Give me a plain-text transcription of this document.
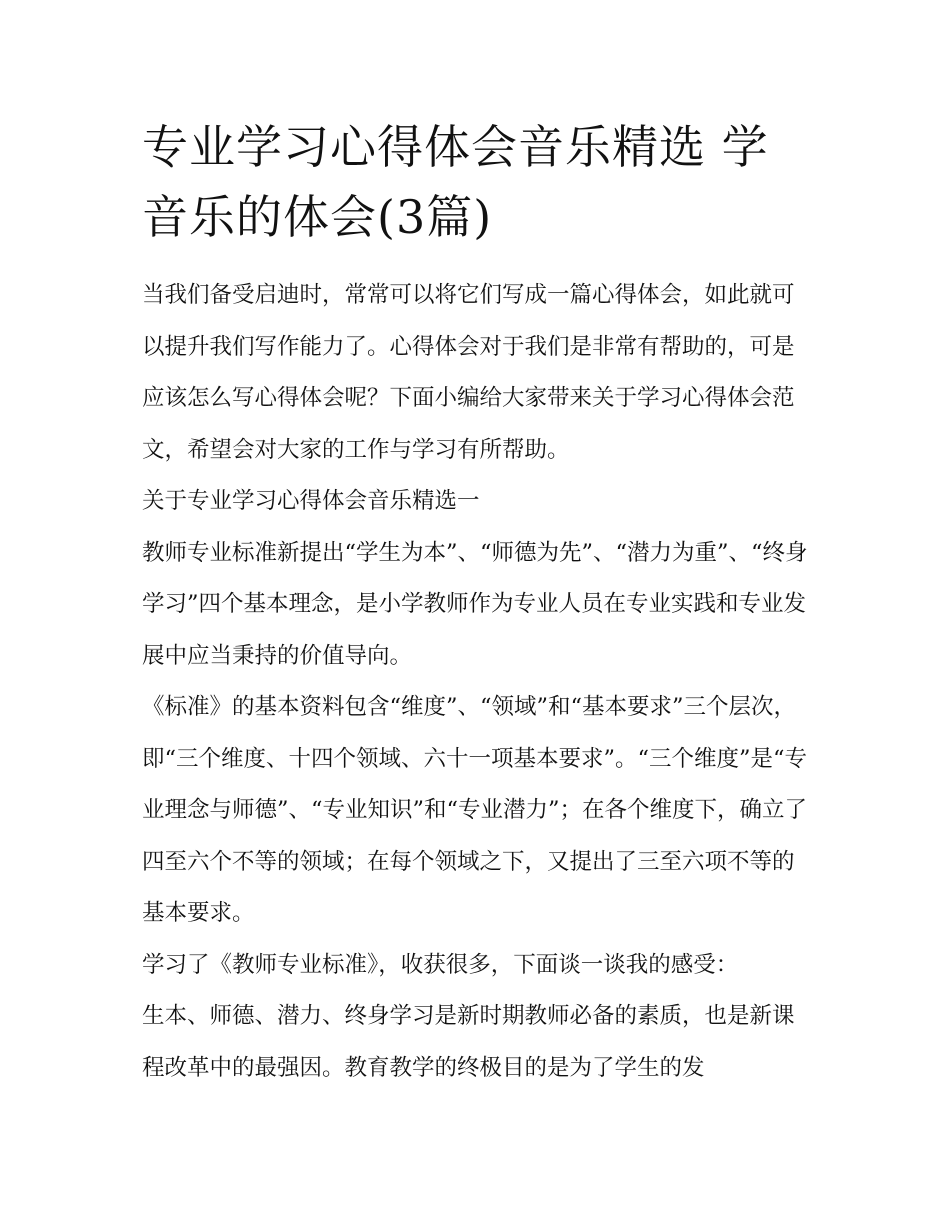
专业学习心得体会音乐精选 学音乐的体会(3篇)

当我们备受启迪时，常常可以将它们写成一篇心得体会，如此就可以提升我们写作能力了。心得体会对于我们是非常有帮助的，可是应该怎么写心得体会呢？下面小编给大家带来关于学习心得体会范文，希望会对大家的工作与学习有所帮助。

关于专业学习心得体会音乐精选一

教师专业标准新提出“学生为本”、“师德为先”、“潜力为重”、“终身学习”四个基本理念，是小学教师作为专业人员在专业实践和专业发展中应当秉持的价值导向。

《标准》的基本资料包含“维度”、“领域”和“基本要求”三个层次，即“三个维度、十四个领域、六十一项基本要求”。“三个维度”是“专业理念与师德”、“专业知识”和“专业潜力”；在各个维度下，确立了四至六个不等的领域；在每个领域之下，又提出了三至六项不等的基本要求。

学习了《教师专业标准》，收获很多，下面谈一谈我的感受：

生本、师德、潜力、终身学习是新时期教师必备的素质，也是新课程改革中的最强因。教育教学的终极目的是为了学生的发
